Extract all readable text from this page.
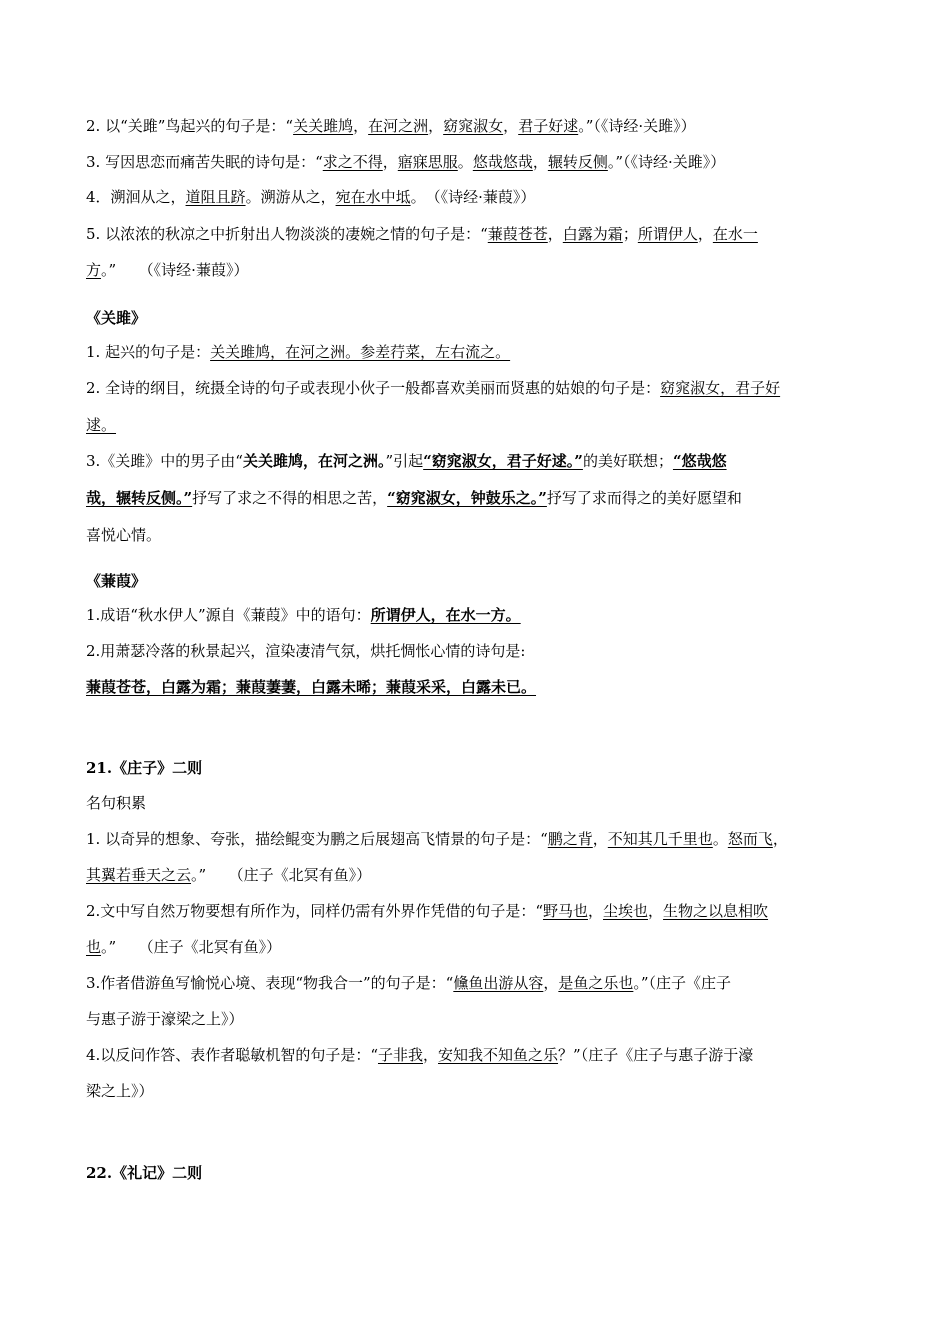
2. 以“关雎”鸟起兴的句子是：“关关雎鸠，在河之洲，窈窕淑女，君子好逑。”（《诗经·关雎》）
3. 写因思恋而痛苦失眠的诗句是：“求之不得，寤寐思服。悠哉悠哉，辗转反侧。”（《诗经·关雎》）
4．溯洄从之，道阻且跻。溯游从之，宛在水中坻。　（《诗经·蒹葭》）
5. 以浓浓的秋凉之中折射出人物淡淡的凄婉之情的句子是：“蒹葭苍苍，白露为霜；所谓伊人，在水一
方。”　　（《诗经·蒹葭》）
《关雎》
1. 起兴的句子是：关关雎鸠，在河之洲。参差荇菜，左右流之。
2. 全诗的纲目，统摄全诗的句子或表现小伙子一般都喜欢美丽而贤惠的姑娘的句子是：窈窕淑女，君子好
逑。
3.《关雎》中的男子由“关关雎鸠，在河之洲。”引起“窈窕淑女，君子好逑。”的美好联想；“悠哉悠
哉，辗转反侧。”抒写了求之不得的相思之苦，“窈窕淑女，钟鼓乐之。”抒写了求而得之的美好愿望和
喜悦心情。
《蒹葭》
1.成语“秋水伊人”源自《蒹葭》中的语句：所谓伊人，在水一方。
2.用萧瑟冷落的秋景起兴，渲染凄清气氛，烘托惆怅心情的诗句是:
蒹葭苍苍，白露为霜；蒹葭萋萋，白露未晞；蒹葭采采，白露未已。
21.《庄子》二则
名句积累
1. 以奇异的想象、夸张，描绘鲲变为鹏之后展翅高飞情景的句子是：“鹏之背，不知其几千里也。怒而飞，
其翼若垂天之云。”　　（庄子《北冥有鱼》）
2.文中写自然万物要想有所作为，同样仍需有外界作凭借的句子是：“野马也，尘埃也，生物之以息相吹
也。”　　（庄子《北冥有鱼》）
3.作者借游鱼写愉悦心境、表现“物我合一”的句子是：“儵鱼出游从容，是鱼之乐也。”（庄子《庄子
与惠子游于濠梁之上》）
4.以反问作答、表作者聪敏机智的句子是：“子非我，安知我不知鱼之乐？”（庄子《庄子与惠子游于濠
梁之上》）
22.《礼记》二则
